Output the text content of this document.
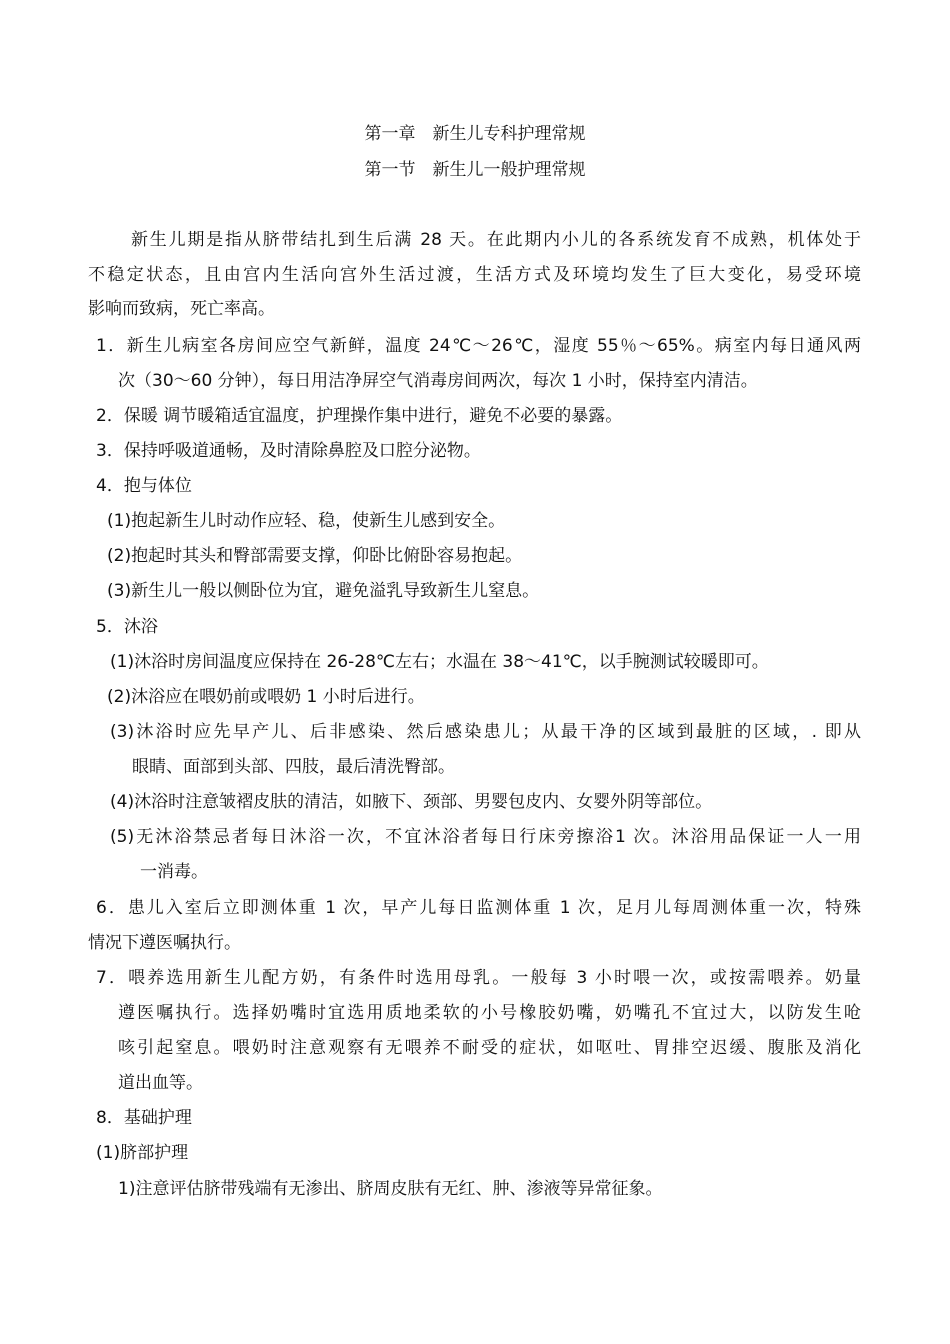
第一章　新生儿专科护理常规
第一节　新生儿一般护理常规
新生儿期是指从脐带结扎到生后满 28 天。在此期内小儿的各系统发育不成熟，机体处于
不稳定状态，且由宫内生活向宫外生活过渡，生活方式及环境均发生了巨大变化，易受环境
影响而致病，死亡率高。
1．新生儿病室各房间应空气新鲜，温度 24℃～26℃，湿度 55％～65%。病室内每日通风两
次（30～60 分钟），每日用洁净屏空气消毒房间两次，每次 1 小时，保持室内清洁。
2．保暖 调节暖箱适宜温度，护理操作集中进行，避免不必要的暴露。
3．保持呼吸道通畅，及时清除鼻腔及口腔分泌物。
4．抱与体位
(1)抱起新生儿时动作应轻、稳，使新生儿感到安全。
(2)抱起时其头和臀部需要支撑，仰卧比俯卧容易抱起。
(3)新生儿一般以侧卧位为宜，避免溢乳导致新生儿窒息。
5．沐浴
(1)沐浴时房间温度应保持在 26-28℃左右；水温在 38～41℃，以手腕测试较暖即可。
(2)沐浴应在喂奶前或喂奶 1 小时后进行。
(3)沐浴时应先早产儿、后非感染、然后感染患儿；从最干净的区域到最脏的区域，. 即从
眼睛、面部到头部、四肢，最后清洗臀部。
(4)沐浴时注意皱褶皮肤的清洁，如腋下、颈部、男婴包皮内、女婴外阴等部位。
(5)无沐浴禁忌者每日沐浴一次，不宜沐浴者每日行床旁擦浴1 次。沐浴用品保证一人一用
一消毒。
6．患儿入室后立即测体重 1 次，早产儿每日监测体重 1 次，足月儿每周测体重一次，特殊
情况下遵医嘱执行。
7．喂养选用新生儿配方奶，有条件时选用母乳。一般每 3 小时喂一次，或按需喂养。奶量
遵医嘱执行。选择奶嘴时宜选用质地柔软的小号橡胶奶嘴，奶嘴孔不宜过大，以防发生呛
咳引起窒息。喂奶时注意观察有无喂养不耐受的症状，如呕吐、胃排空迟缓、腹胀及消化
道出血等。
8．基础护理
(1)脐部护理
1)注意评估脐带残端有无渗出、脐周皮肤有无红、肿、渗液等异常征象。
